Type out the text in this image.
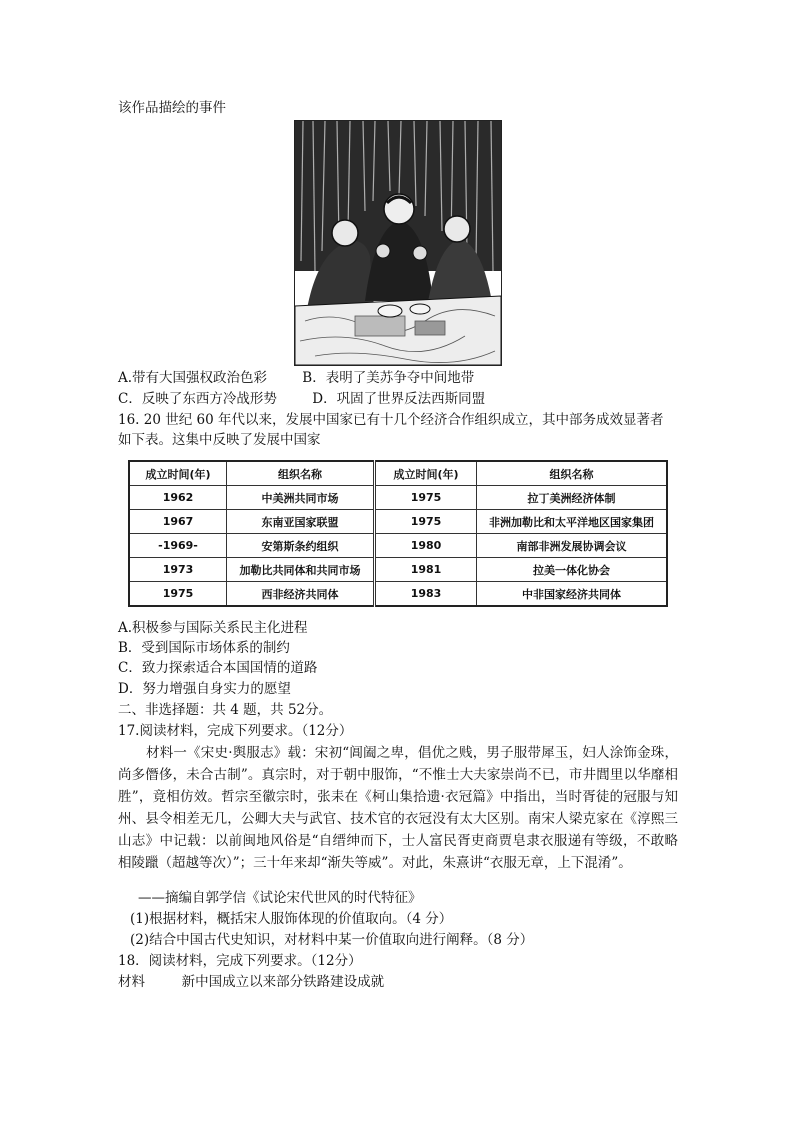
该作品描绘的事件
A.带有大国强权政治色彩	B．表明了美苏争夺中间地带
C．反映了东西方冷战形势	D．巩固了世界反法西斯同盟
16. 20 世纪 60 年代以来，发展中国家已有十几个经济合作组织成立，其中部务成效显著者
如下表。这集中反映了发展中国家
成立时间(年)	组织名称	成立时间(年)	组织名称
1962	中美洲共同市场	1975	拉丁美洲经济体制
1967	东南亚国家联盟	1975	非洲加勒比和太平洋地区国家集团
-1969-	安第斯条约组织	1980	南部非洲发展协调会议
1973	加勒比共同体和共同市场	1981	拉美一体化协会
1975	西非经济共同体	1983	中非国家经济共同体
A.积极参与国际关系民主化进程
B．受到国际市场体系的制约
C．致力探索适合本国国情的道路
D．努力增强自身实力的愿望
二、非选择题：共 4 题，共 52分。
17.阅读材料，完成下列要求。（12分）
材料一《宋史·舆服志》载：宋初“阊阖之卑，倡优之贱，男子服带犀玉，妇人涂饰金珠，尚多僭侈，未合古制”。真宗时，对于朝中服饰，“不惟士大夫家崇尚不已，市井閭里以华靡相胜”，竟相仿效。哲宗至徽宗时，张耒在《柯山集拾遗·衣冠篇》中指出，当时胥徒的冠服与知州、县令相差无几，公卿大夫与武官、技术官的衣冠没有太大区别。南宋人梁克家在《淳熙三山志》中记载：以前闽地风俗是“自缙绅而下，士人富民胥吏商贾皂隶衣服递有等级，不敢略相陵躐（超越等次）”；三十年来却“渐失等威”。对此，朱熹讲“衣服无章，上下混淆”。
——摘编自郭学信《试论宋代世风的时代特征》
(1)根据材料，概括宋人服饰体现的价值取向。（4 分）
(2)结合中国古代史知识，对材料中某一价值取向进行阐释。（8 分）
18．阅读材料，完成下列要求。（12分）
材料	新中国成立以来部分铁路建设成就
